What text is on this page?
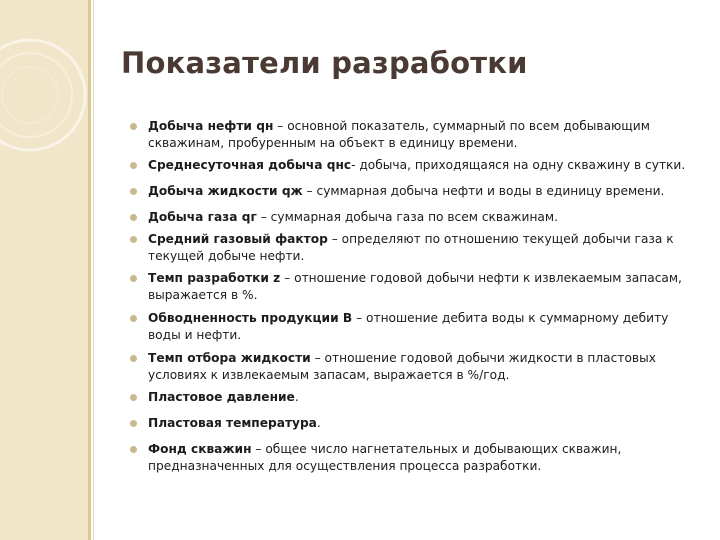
Показатели разработки
Добыча нефти qн – основной показатель, суммарный по всем добывающим скважинам, пробуренным на объект в единицу времени.
Среднесуточная добыча qнс- добыча, приходящаяся на одну скважину в сутки.
Добыча жидкости qж – суммарная добыча нефти и воды в единицу времени.
Добыча газа qг – суммарная добыча газа по всем скважинам.
Средний газовый фактор – определяют по отношению текущей добычи газа к текущей добыче нефти.
Темп разработки z – отношение годовой добычи нефти к извлекаемым запасам, выражается в %.
Обводненность продукции В – отношение дебита воды к суммарному дебиту воды и нефти.
Темп отбора жидкости – отношение годовой добычи жидкости в пластовых условиях к извлекаемым запасам, выражается в %/год.
Пластовое давление.
Пластовая температура.
Фонд скважин – общее число нагнетательных и добывающих скважин, предназначенных для осуществления процесса разработки.
